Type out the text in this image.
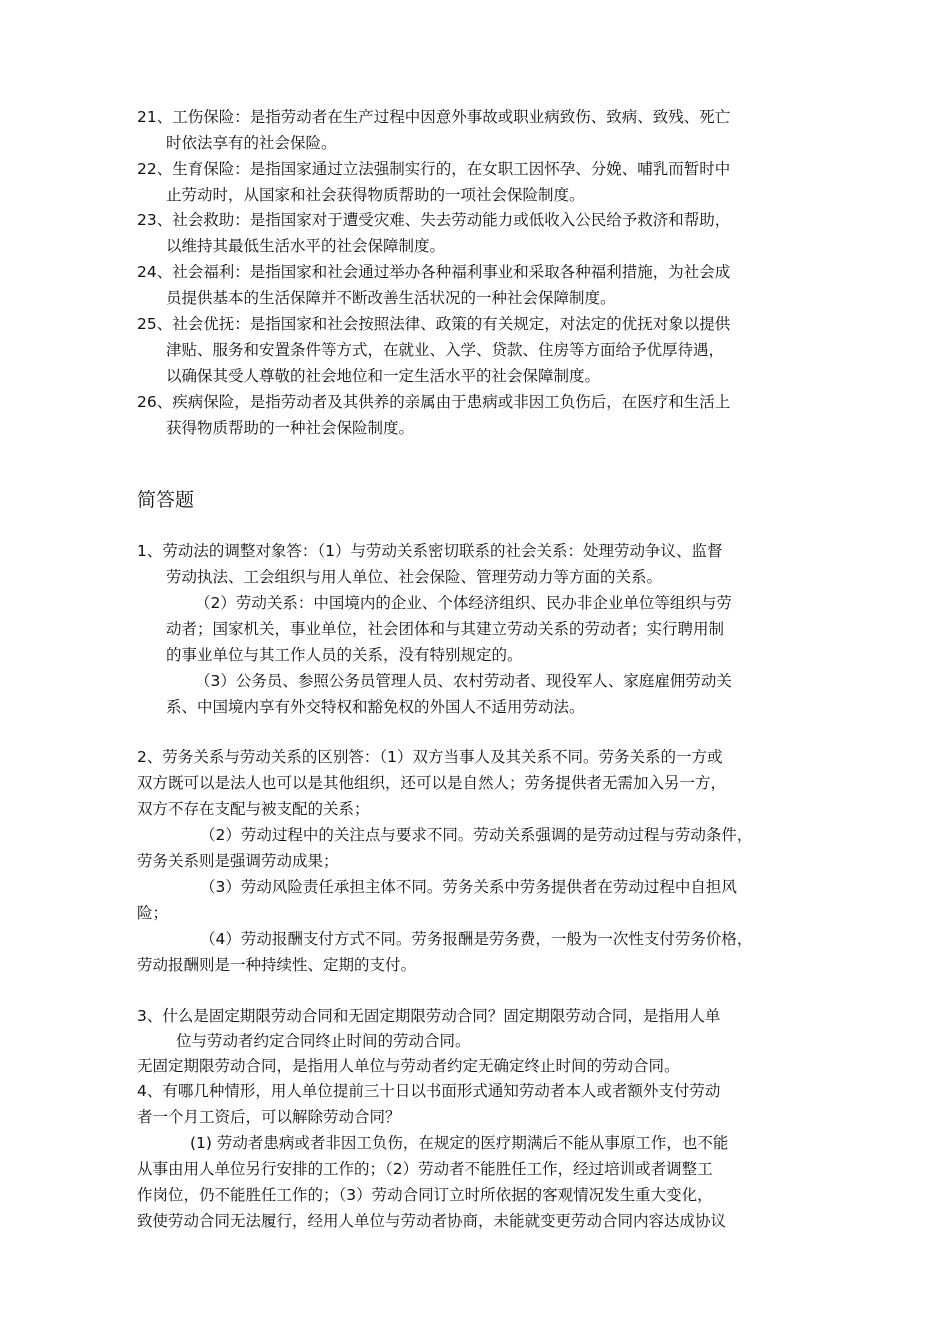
21、工伤保险：是指劳动者在生产过程中因意外事故或职业病致伤、致病、致残、死亡
时依法享有的社会保险。
22、生育保险：是指国家通过立法强制实行的，在女职工因怀孕、分娩、哺乳而暂时中
止劳动时，从国家和社会获得物质帮助的一项社会保险制度。
23、社会救助：是指国家对于遭受灾难、失去劳动能力或低收入公民给予救济和帮助，
以维持其最低生活水平的社会保障制度。
24、社会福利：是指国家和社会通过举办各种福利事业和采取各种福利措施，为社会成
员提供基本的生活保障并不断改善生活状况的一种社会保障制度。
25、社会优抚：是指国家和社会按照法律、政策的有关规定，对法定的优抚对象以提供
津贴、服务和安置条件等方式，在就业、入学、贷款、住房等方面给予优厚待遇，
以确保其受人尊敬的社会地位和一定生活水平的社会保障制度。
26、疾病保险，是指劳动者及其供养的亲属由于患病或非因工负伤后，在医疗和生活上
获得物质帮助的一种社会保险制度。
简答题
1、劳动法的调整对象答：（1）与劳动关系密切联系的社会关系：处理劳动争议、监督
劳动执法、工会组织与用人单位、社会保险、管理劳动力等方面的关系。
（2）劳动关系：中国境内的企业、个体经济组织、民办非企业单位等组织与劳
动者；国家机关，事业单位，社会团体和与其建立劳动关系的劳动者；实行聘用制
的事业单位与其工作人员的关系，没有特别规定的。
（3）公务员、参照公务员管理人员、农村劳动者、现役军人、家庭雇佣劳动关
系、中国境内享有外交特权和豁免权的外国人不适用劳动法。
2、劳务关系与劳动关系的区别答：（1）双方当事人及其关系不同。劳务关系的一方或
双方既可以是法人也可以是其他组织，还可以是自然人；劳务提供者无需加入另一方，
双方不存在支配与被支配的关系；
（2）劳动过程中的关注点与要求不同。劳动关系强调的是劳动过程与劳动条件，
劳务关系则是强调劳动成果；
（3）劳动风险责任承担主体不同。劳务关系中劳务提供者在劳动过程中自担风
险；
（4）劳动报酬支付方式不同。劳务报酬是劳务费，一般为一次性支付劳务价格，
劳动报酬则是一种持续性、定期的支付。
3、什么是固定期限劳动合同和无固定期限劳动合同？固定期限劳动合同，是指用人单
位与劳动者约定合同终止时间的劳动合同。
无固定期限劳动合同，是指用人单位与劳动者约定无确定终止时间的劳动合同。
4、有哪几种情形，用人单位提前三十日以书面形式通知劳动者本人或者额外支付劳动
者一个月工资后，可以解除劳动合同？
(1) 劳动者患病或者非因工负伤，在规定的医疗期满后不能从事原工作，也不能
从事由用人单位另行安排的工作的；（2）劳动者不能胜任工作，经过培训或者调整工
作岗位，仍不能胜任工作的；（3）劳动合同订立时所依据的客观情况发生重大变化，
致使劳动合同无法履行，经用人单位与劳动者协商，未能就变更劳动合同内容达成协议
